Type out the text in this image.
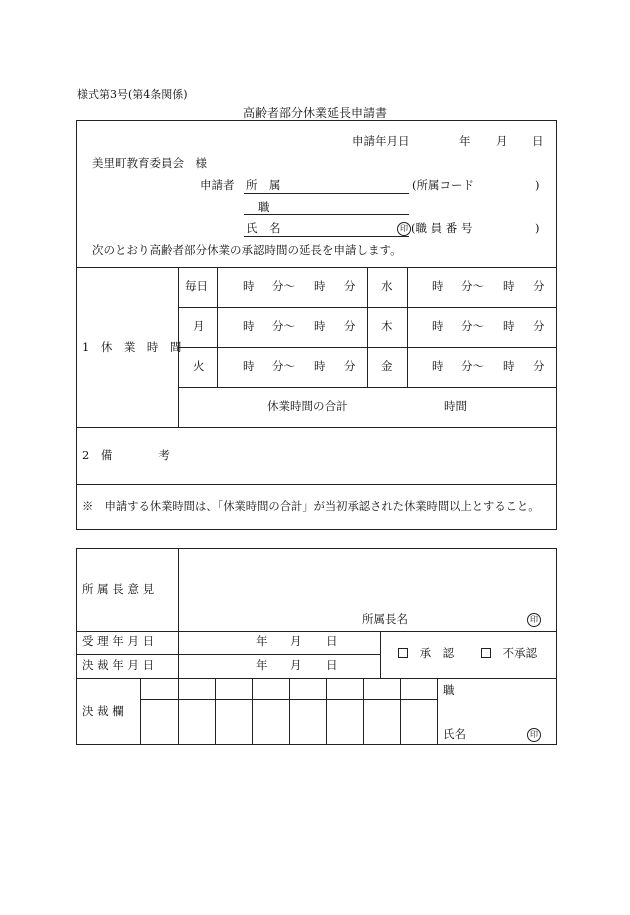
様式第3号(第4条関係)
高齢者部分休業延長申請書
申請年月日	年 月 日
美里町教育委員会　様
申請者 所　属	(所属コード	)
職
氏　名	印 (職 員 番 号	)
次のとおり高齢者部分休業の承認時間の延長を申請します。
1　休　業　時　間
毎日	時 分～ 時 分 水	時 分～ 時 分
月	時 分～ 時 分 木	時 分～ 時 分
火	時 分～ 時 分 金	時 分～ 時 分
休業時間の合計	時間
2　備　　　　考
※　申請する休業時間は、「休業時間の合計」が当初承認された休業時間以上とすること。
所 属 長 意 見
所属長名	印
受 理 年 月 日	年 月 日
決 裁 年 月 日	年 月 日
承　認	不承認
決 裁 欄
職
氏名	印
